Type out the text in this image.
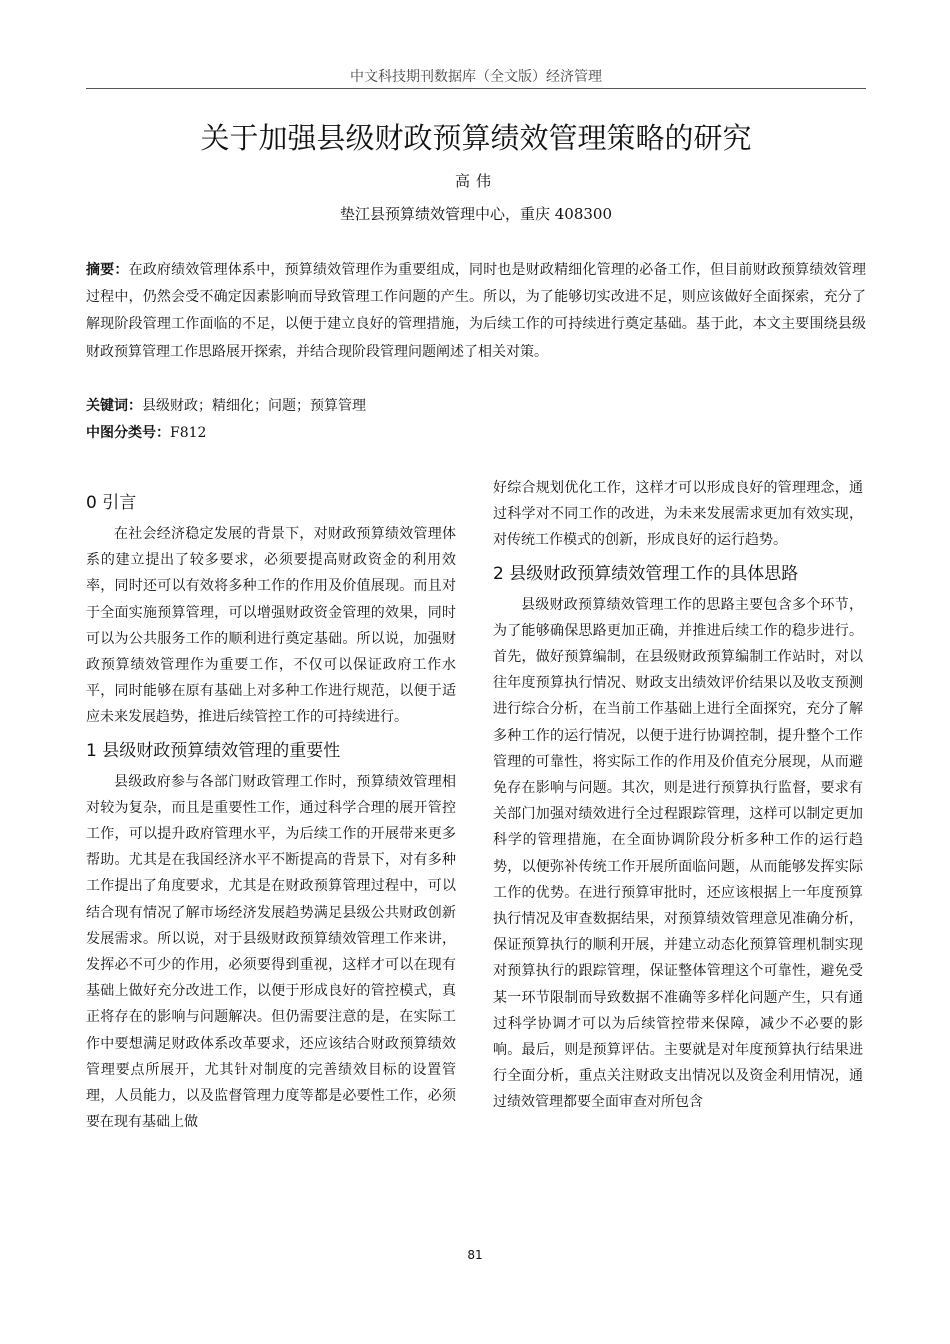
中文科技期刊数据库（全文版）经济管理
关于加强县级财政预算绩效管理策略的研究
高伟
垫江县预算绩效管理中心，重庆 408300
摘要：在政府绩效管理体系中，预算绩效管理作为重要组成，同时也是财政精细化管理的必备工作，但目前财政预算绩效管理过程中，仍然会受不确定因素影响而导致管理工作问题的产生。所以，为了能够切实改进不足，则应该做好全面探索，充分了解现阶段管理工作面临的不足，以便于建立良好的管理措施，为后续工作的可持续进行奠定基础。基于此，本文主要围绕县级财政预算管理工作思路展开探索，并结合现阶段管理问题阐述了相关对策。
关键词：县级财政；精细化；问题；预算管理
中图分类号：F812
0 引言

在社会经济稳定发展的背景下，对财政预算绩效管理体系的建立提出了较多要求，必须要提高财政资金的利用效率，同时还可以有效将多种工作的作用及价值展现。而且对于全面实施预算管理，可以增强财政资金管理的效果，同时可以为公共服务工作的顺利进行奠定基础。所以说，加强财政预算绩效管理作为重要工作，不仅可以保证政府工作水平，同时能够在原有基础上对多种工作进行规范，以便于适应未来发展趋势，推进后续管控工作的可持续进行。

1 县级财政预算绩效管理的重要性

县级政府参与各部门财政管理工作时，预算绩效管理相对较为复杂，而且是重要性工作，通过科学合理的展开管控工作，可以提升政府管理水平，为后续工作的开展带来更多帮助。尤其是在我国经济水平不断提高的背景下，对有多种工作提出了角度要求，尤其是在财政预算管理过程中，可以结合现有情况了解市场经济发展趋势满足县级公共财政创新发展需求。所以说，对于县级财政预算绩效管理工作来讲，发挥必不可少的作用，必须要得到重视，这样才可以在现有基础上做好充分改进工作，以便于形成良好的管控模式，真正将存在的影响与问题解决。但仍需要注意的是，在实际工作中要想满足财政体系改革要求，还应该结合财政预算绩效管理要点所展开，尤其针对制度的完善绩效目标的设置管理，人员能力，以及监督管理力度等都是必要性工作，必须要在现有基础上做

好综合规划优化工作，这样才可以形成良好的管理理念，通过科学对不同工作的改进，为未来发展需求更加有效实现，对传统工作模式的创新，形成良好的运行趋势。

2 县级财政预算绩效管理工作的具体思路

县级财政预算绩效管理工作的思路主要包含多个环节，为了能够确保思路更加正确，并推进后续工作的稳步进行。首先，做好预算编制，在县级财政预算编制工作站时，对以往年度预算执行情况、财政支出绩效评价结果以及收支预测进行综合分析，在当前工作基础上进行全面探究，充分了解多种工作的运行情况，以便于进行协调控制，提升整个工作管理的可靠性，将实际工作的作用及价值充分展现，从而避免存在影响与问题。其次，则是进行预算执行监督，要求有关部门加强对绩效进行全过程跟踪管理，这样可以制定更加科学的管理措施，在全面协调阶段分析多种工作的运行趋势，以便弥补传统工作开展所面临问题，从而能够发挥实际工作的优势。在进行预算审批时，还应该根据上一年度预算执行情况及审查数据结果，对预算绩效管理意见准确分析，保证预算执行的顺利开展，并建立动态化预算管理机制实现对预算执行的跟踪管理，保证整体管理这个可靠性，避免受某一环节限制而导致数据不准确等多样化问题产生，只有通过科学协调才可以为后续管控带来保障，减少不必要的影响。最后，则是预算评估。主要就是对年度预算执行结果进行全面分析，重点关注财政支出情况以及资金利用情况，通过绩效管理都要全面审查对所包含

81
